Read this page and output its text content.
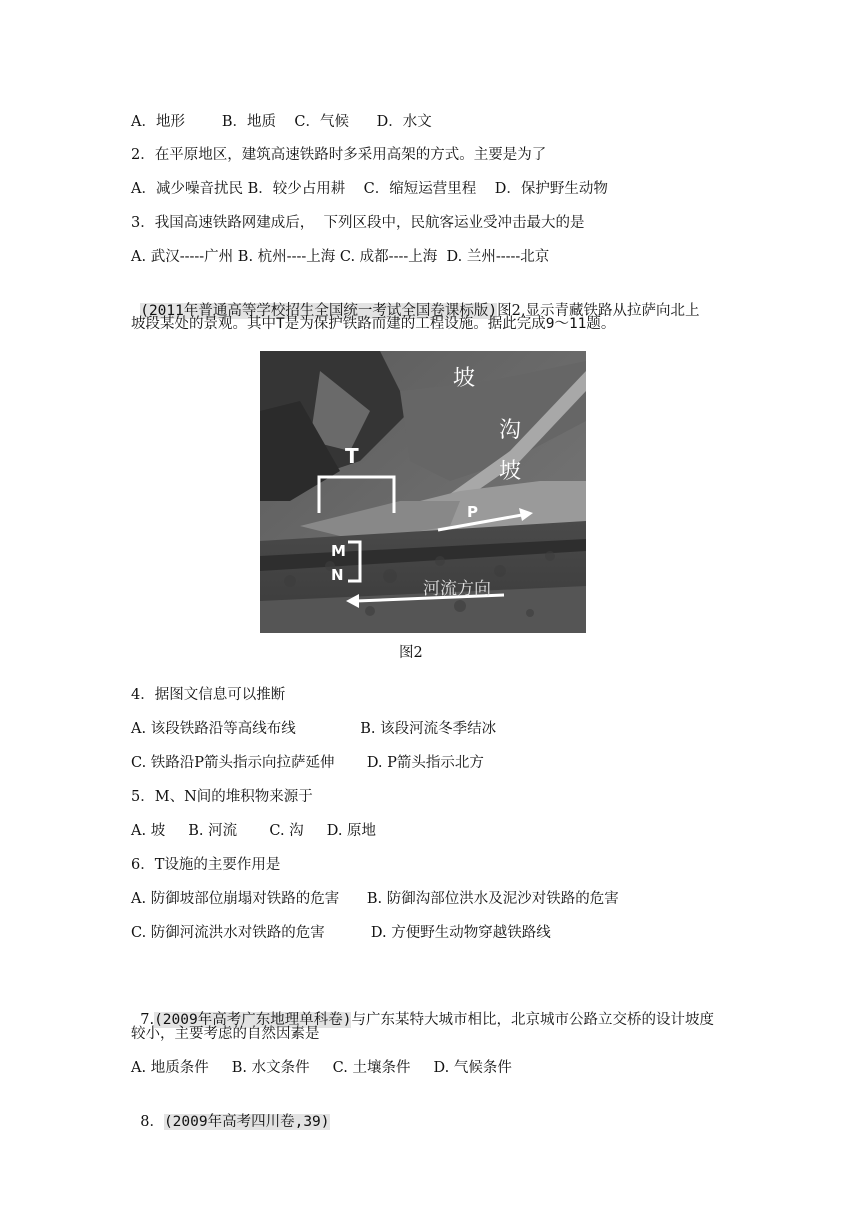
A．地形        B．地质    C．气候      D．水文
2．在平原地区，建筑高速铁路时多采用高架的方式。主要是为了
A．减少噪音扰民 B．较少占用耕    C．缩短运营里程    D．保护野生动物
3．我国高速铁路网建成后，  下列区段中，民航客运业受冲击最大的是
A. 武汉-----广州 B. 杭州----上海 C. 成都----上海  D. 兰州-----北京

(2011年普通高等学校招生全国统一考试全国卷课标版)图2,显示青藏铁路从拉萨向北上

坡段某处的景观。其中T是为保护铁路而建的工程设施。据此完成9～11题。
坡
沟
坡
T
P
M
N
河流方向
图2
4．据图文信息可以推断
A. 该段铁路沿等高线布线              B. 该段河流冬季结冰
C. 铁路沿P箭头指示向拉萨延伸       D. P箭头指示北方
5．M、N间的堆积物来源于
A. 坡     B. 河流       C. 沟     D. 原地
6．T设施的主要作用是
A. 防御坡部位崩塌对铁路的危害      B. 防御沟部位洪水及泥沙对铁路的危害
C. 防御河流洪水对铁路的危害          D. 方便野生动物穿越铁路线

7.(2009年高考广东地理单科卷)与广东某特大城市相比，北京城市公路立交桥的设计坡度

较小，主要考虑的自然因素是
A. 地质条件     B. 水文条件     C. 土壤条件     D. 气候条件

8．(2009年高考四川卷,39)
